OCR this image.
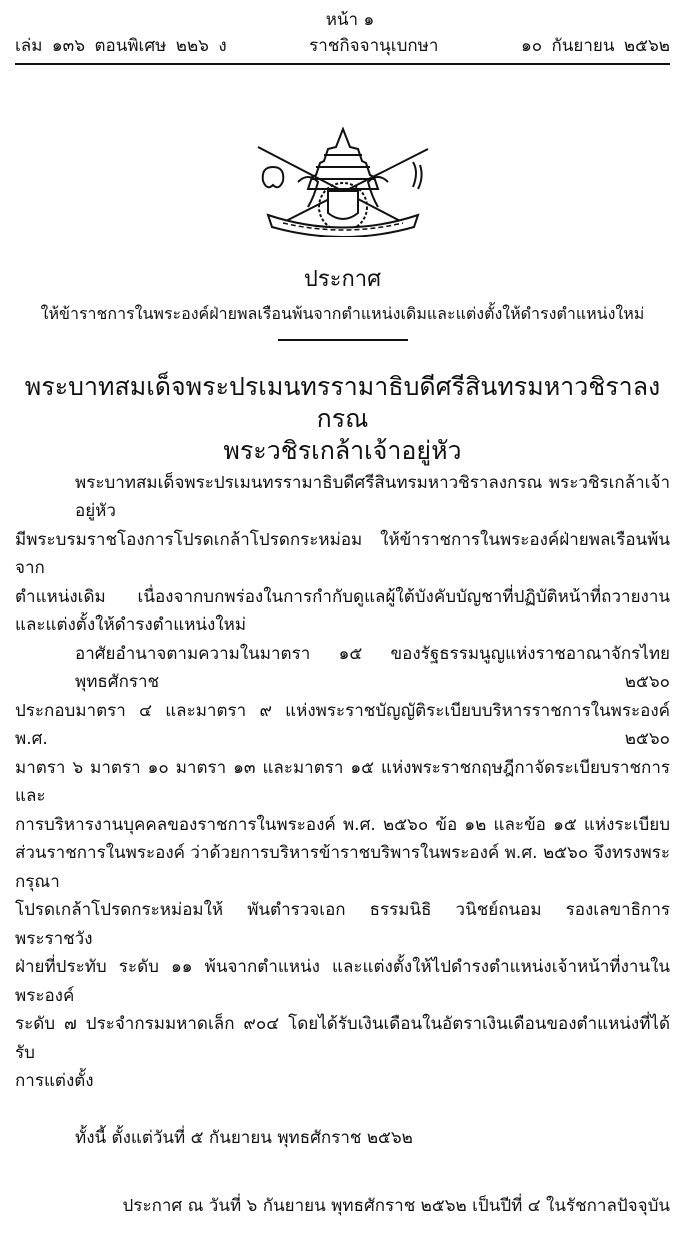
หน้า ๑
เล่ม ๑๓๖ ตอนพิเศษ ๒๒๖ ง	ราชกิจจานุเบกษา	๑๐ กันยายน ๒๕๖๒
ประกาศ
ให้ข้าราชการในพระองค์ฝ่ายพลเรือนพ้นจากตำแหน่งเดิมและแต่งตั้งให้ดำรงตำแหน่งใหม่
พระบาทสมเด็จพระปรเมนทรรามาธิบดีศรีสินทรมหาวชิราลงกรณ
พระวชิรเกล้าเจ้าอยู่หัว
พระบาทสมเด็จพระปรเมนทรรามาธิบดีศรีสินทรมหาวชิราลงกรณ พระวชิรเกล้าเจ้าอยู่หัว
มีพระบรมราชโองการโปรดเกล้าโปรดกระหม่อม ให้ข้าราชการในพระองค์ฝ่ายพลเรือนพ้นจาก
ตำแหน่งเดิม เนื่องจากบกพร่องในการกำกับดูแลผู้ใต้บังคับบัญชาที่ปฏิบัติหน้าที่ถวายงาน
และแต่งตั้งให้ดำรงตำแหน่งใหม่
อาศัยอำนาจตามความในมาตรา ๑๕ ของรัฐธรรมนูญแห่งราชอาณาจักรไทย พุทธศักราช ๒๕๖๐
ประกอบมาตรา ๔ และมาตรา ๙ แห่งพระราชบัญญัติระเบียบบริหารราชการในพระองค์ พ.ศ. ๒๕๖๐
มาตรา ๖ มาตรา ๑๐ มาตรา ๑๓ และมาตรา ๑๕ แห่งพระราชกฤษฎีกาจัดระเบียบราชการและ
การบริหารงานบุคคลของราชการในพระองค์ พ.ศ. ๒๕๖๐ ข้อ ๑๒ และข้อ ๑๕ แห่งระเบียบ
ส่วนราชการในพระองค์ ว่าด้วยการบริหารข้าราชบริพารในพระองค์ พ.ศ. ๒๕๖๐ จึงทรงพระกรุณา
โปรดเกล้าโปรดกระหม่อมให้ พันตำรวจเอก ธรรมนิธิ วนิชย์ถนอม รองเลขาธิการพระราชวัง
ฝ่ายที่ประทับ ระดับ ๑๑ พ้นจากตำแหน่ง และแต่งตั้งให้ไปดำรงตำแหน่งเจ้าหน้าที่งานในพระองค์
ระดับ ๗ ประจำกรมมหาดเล็ก ๙๐๔ โดยได้รับเงินเดือนในอัตราเงินเดือนของตำแหน่งที่ได้รับ
การแต่งตั้ง
ทั้งนี้ ตั้งแต่วันที่ ๕ กันยายน พุทธศักราช ๒๕๖๒
ประกาศ ณ วันที่ ๖ กันยายน พุทธศักราช ๒๕๖๒ เป็นปีที่ ๔ ในรัชกาลปัจจุบัน
